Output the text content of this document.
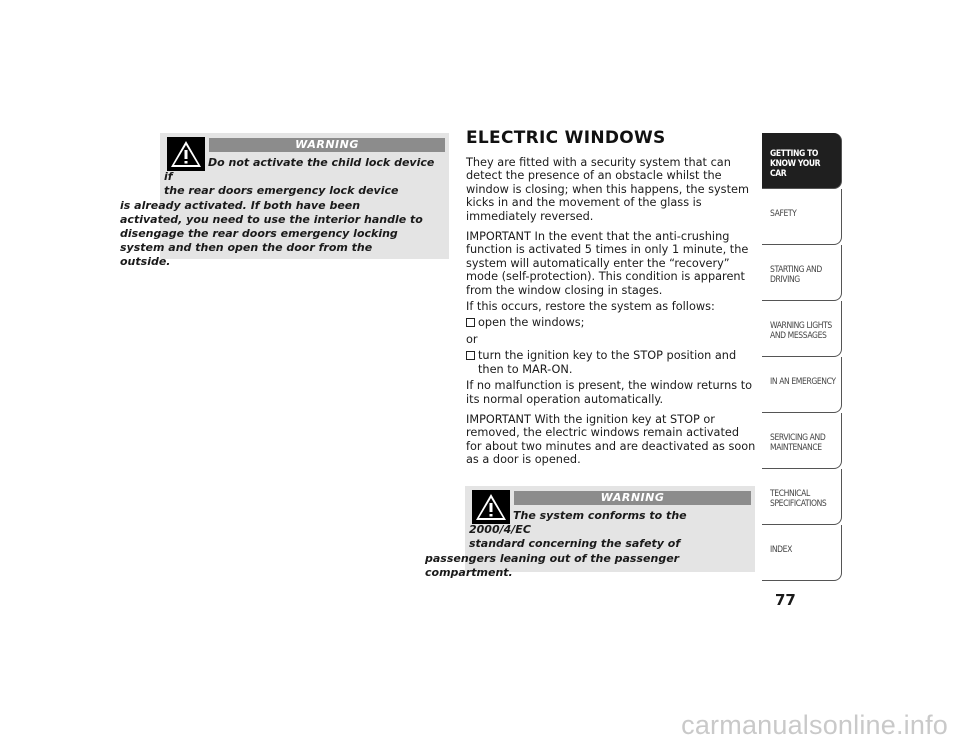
WARNING
Do not activate the child lock device if
the rear doors emergency lock device
is already activated. If both have been
activated, you need to use the interior handle to
disengage the rear doors emergency locking
system and then open the door from the
outside.
ELECTRIC WINDOWS

They are fitted with a security system that can detect the presence of an obstacle whilst the window is closing; when this happens, the system kicks in and the movement of the glass is immediately reversed.

IMPORTANT In the event that the anti-crushing function is activated 5 times in only 1 minute, the system will automatically enter the “recovery” mode (self-protection). This condition is apparent from the window closing in stages.

If this occurs, restore the system as follows:

open the windows;

or

turn the ignition key to the STOP position and then to MAR-ON.

If no malfunction is present, the window returns to its normal operation automatically.

IMPORTANT With the ignition key at STOP or removed, the electric windows remain activated for about two minutes and are deactivated as soon as a door is opened.

WARNING
The system conforms to the 2000/4/EC
standard concerning the safety of
passengers leaning out of the passenger
compartment.
GETTING TO
KNOW YOUR CAR
SAFETY

STARTING AND
DRIVING
WARNING LIGHTS
AND MESSAGES
IN AN EMERGENCY

SERVICING AND
MAINTENANCE
TECHNICAL
SPECIFICATIONS
INDEX

77
carmanualsonline.info
